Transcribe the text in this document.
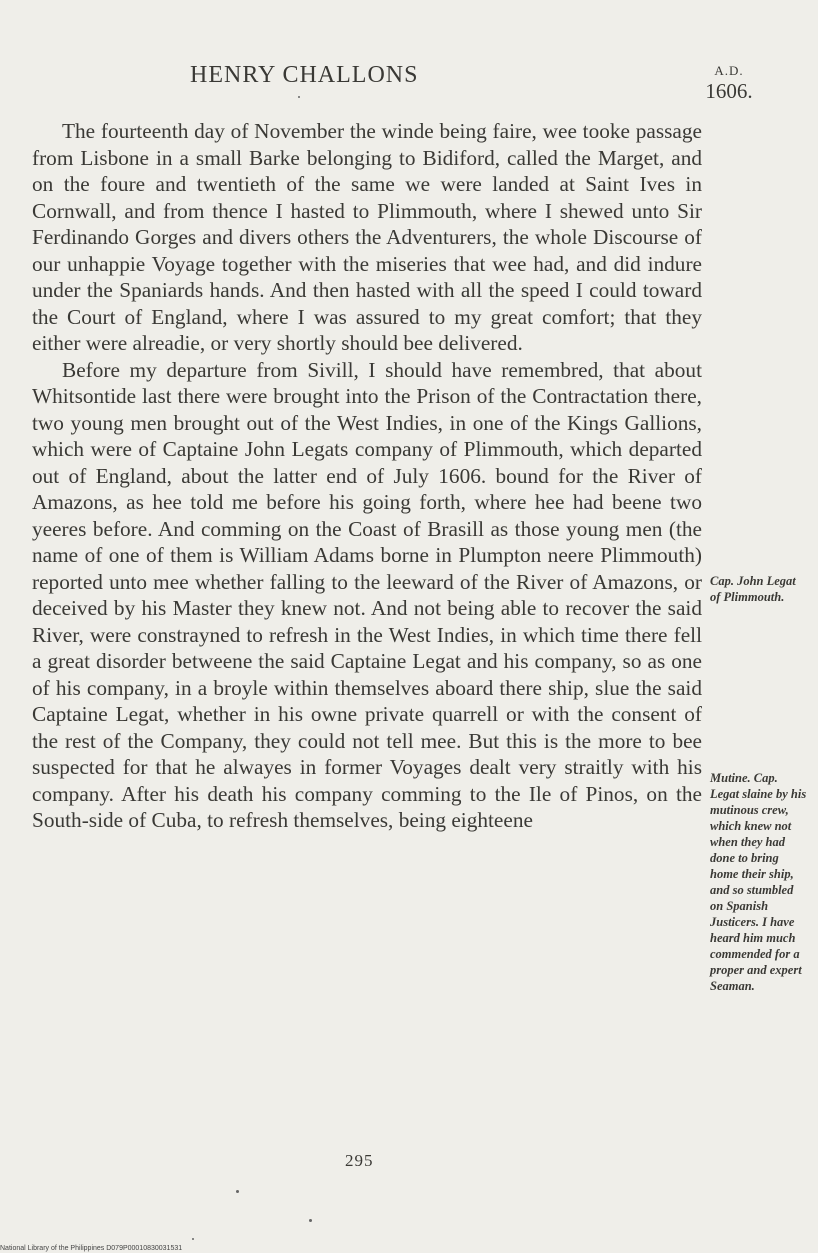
HENRY CHALLONS	A.D.
1606.

The fourteenth day of November the winde being faire, wee tooke passage from Lisbone in a small Barke belonging to Bidiford, called the Marget, and on the foure and twentieth of the same we were landed at Saint Ives in Cornwall, and from thence I hasted to Plimmouth, where I shewed unto Sir Ferdinando Gorges and divers others the Adventurers, the whole Discourse of our unhappie Voyage together with the miseries that wee had, and did indure under the Spaniards hands. And then hasted with all the speed I could toward the Court of England, where I was assured to my great comfort; that they either were alreadie, or very shortly should bee delivered.

Before my departure from Sivill, I should have remembred, that about Whitsontide last there were brought into the Prison of the Contractation there, two young men brought out of the West Indies, in one of the Kings Gallions, which were of Captaine John Legats company of Plimmouth, which departed out of England, about the latter end of July 1606. bound for the River of Amazons, as hee told me before his going forth, where hee had beene two yeeres before. And comming on the Coast of Brasill as those young men (the name of one of them is William Adams borne in Plumpton neere Plimmouth) reported unto mee whether falling to the leeward of the River of Amazons, or deceived by his Master they knew not. And not being able to recover the said River, were constrayned to refresh in the West Indies, in which time there fell a great disorder betweene the said Captaine Legat and his company, so as one of his company, in a broyle within themselves aboard there ship, slue the said Captaine Legat, whether in his owne private quarrell or with the consent of the rest of the Company, they could not tell mee. But this is the more to bee suspected for that he alwayes in former Voyages dealt very straitly with his company. After his death his company comming to the Ile of Pinos, on the South-side of Cuba, to refresh themselves, being eighteene

Cap. John Legat of Plimmouth.
Mutine. Cap. Legat slaine by his mutinous crew, which knew not when they had done to bring home their ship, and so stumbled on Spanish Justicers. I have heard him much commended for a proper and expert Seaman.
295
National Library of the Philippines D079P00010830031531
